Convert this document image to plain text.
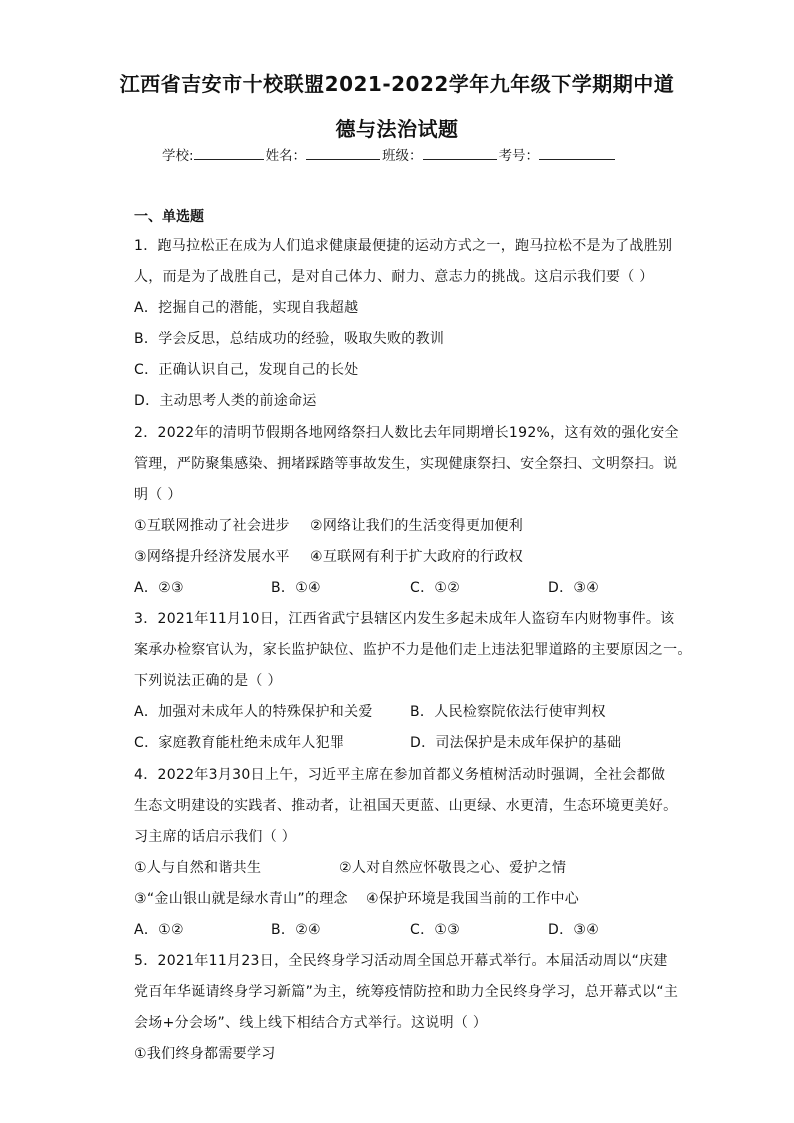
江西省吉安市十校联盟2021-2022学年九年级下学期期中道
德与法治试题
学校:	姓名：	班级：	考号：
一、单选题
1．跑马拉松正在成为人们追求健康最便捷的运动方式之一，跑马拉松不是为了战胜别
人，而是为了战胜自己，是对自己体力、耐力、意志力的挑战。这启示我们要（ ）
A．挖掘自己的潜能，实现自我超越
B．学会反思，总结成功的经验，吸取失败的教训
C．正确认识自己，发现自己的长处
D．主动思考人类的前途命运
2．2022年的清明节假期各地网络祭扫人数比去年同期增长192%，这有效的强化安全
管理，严防聚集感染、拥堵踩踏等事故发生，实现健康祭扫、安全祭扫、文明祭扫。说
明（ ）
①互联网推动了社会进步 ②网络让我们的生活变得更加便利
③网络提升经济发展水平 ④互联网有利于扩大政府的行政权
A．②③	B．①④	C．①②	D．③④
3．2021年11月10日，江西省武宁县辖区内发生多起未成年人盗窃车内财物事件。该
案承办检察官认为，家长监护缺位、监护不力是他们走上违法犯罪道路的主要原因之一。
下列说法正确的是（ ）
A．加强对未成年人的特殊保护和关爱	B．人民检察院依法行使审判权
C．家庭教育能杜绝未成年人犯罪	D．司法保护是未成年保护的基础
4．2022年3月30日上午，习近平主席在参加首都义务植树活动时强调，全社会都做
生态文明建设的实践者、推动者，让祖国天更蓝、山更绿、水更清，生态环境更美好。
习主席的话启示我们（ ）
①人与自然和谐共生	②人对自然应怀敬畏之心、爱护之情
③“金山银山就是绿水青山”的理念 ④保护环境是我国当前的工作中心
A．①②	B．②④	C．①③	D．③④
5．2021年11月23日，全民终身学习活动周全国总开幕式举行。本届活动周以“庆建
党百年华诞请终身学习新篇”为主，统筹疫情防控和助力全民终身学习，总开幕式以“主
会场+分会场”、线上线下相结合方式举行。这说明（ ）
①我们终身都需要学习
